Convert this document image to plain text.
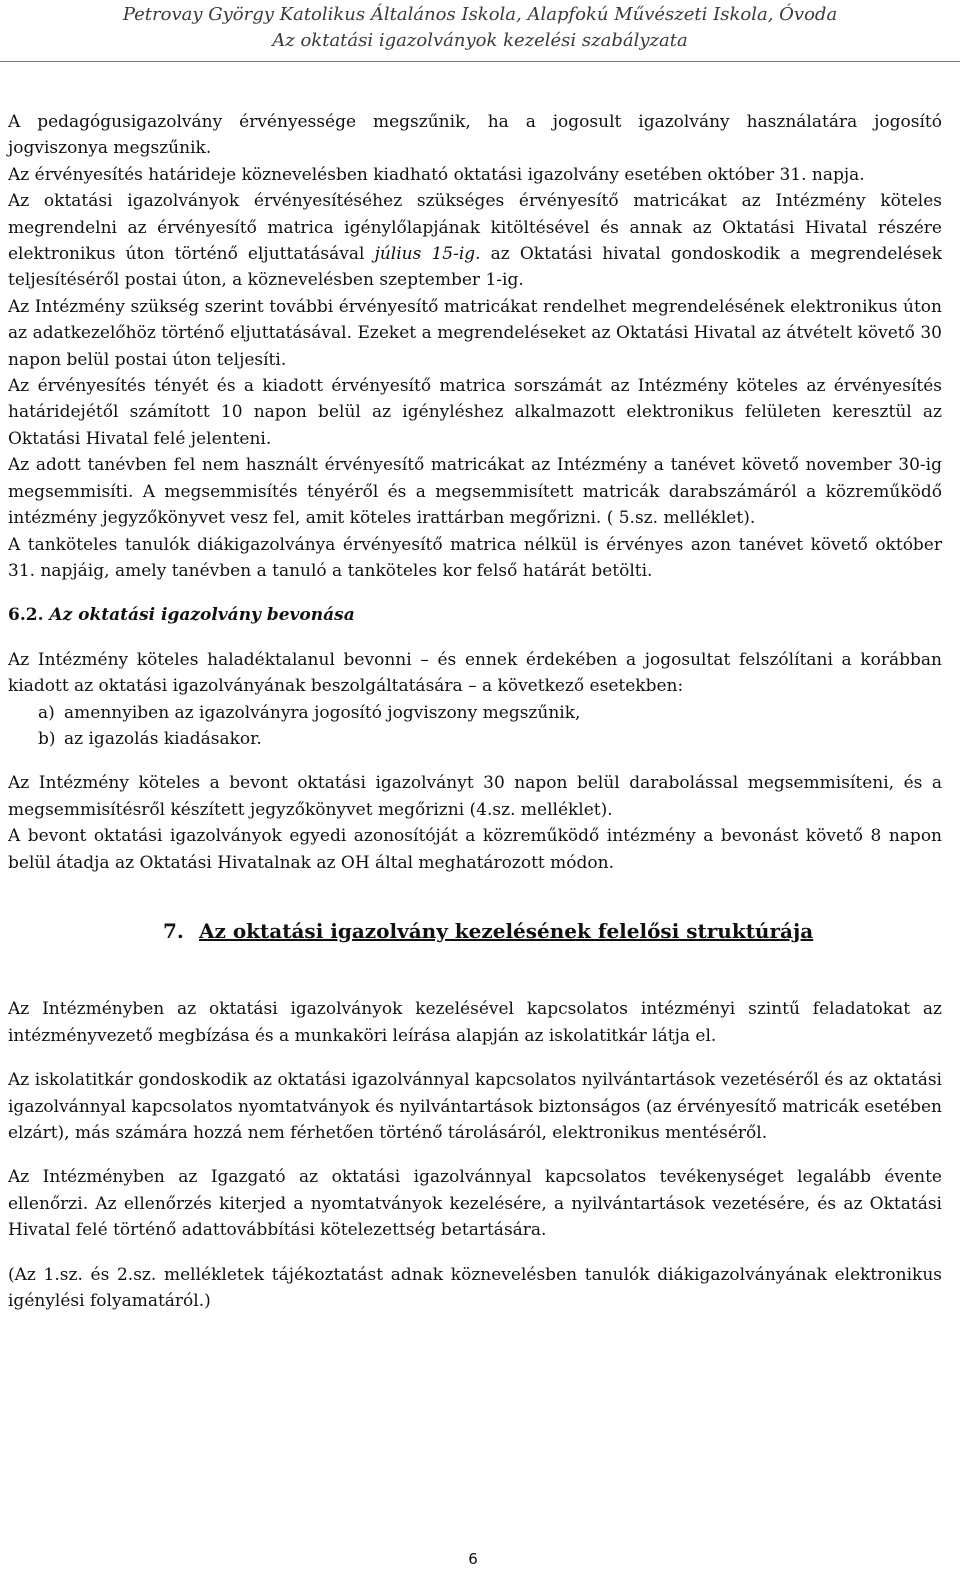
Petrovay György Katolikus Általános Iskola, Alapfokú Művészeti Iskola, Óvoda
Az oktatási igazolványok kezelési szabályzata

A pedagógusigazolvány érvényessége megszűnik, ha a jogosult igazolvány használatára jogosító jogviszonya megszűnik.

Az érvényesítés határideje köznevelésben kiadható oktatási igazolvány esetében október 31. napja.

Az oktatási igazolványok érvényesítéséhez szükséges érvényesítő matricákat az Intézmény köteles megrendelni az érvényesítő matrica igénylőlapjának kitöltésével és annak az Oktatási Hivatal részére elektronikus úton történő eljuttatásával július 15-ig. az Oktatási hivatal gondoskodik a megrendelések teljesítéséről postai úton, a köznevelésben szeptember 1-ig.

Az Intézmény szükség szerint további érvényesítő matricákat rendelhet megrendelésének elektronikus úton az adatkezelőhöz történő eljuttatásával. Ezeket a megrendeléseket az Oktatási Hivatal az átvételt követő 30 napon belül postai úton teljesíti.

Az érvényesítés tényét és a kiadott érvényesítő matrica sorszámát az Intézmény köteles az érvényesítés határidejétől számított 10 napon belül az igényléshez alkalmazott elektronikus felületen keresztül az Oktatási Hivatal felé jelenteni.

Az adott tanévben fel nem használt érvényesítő matricákat az Intézmény a tanévet követő november 30-ig megsemmisíti. A megsemmisítés tényéről és a megsemmisített matricák darabszámáról a közreműködő intézmény jegyzőkönyvet vesz fel, amit köteles irattárban megőrizni. ( 5.sz. melléklet).

A tanköteles tanulók diákigazolványa érvényesítő matrica nélkül is érvényes azon tanévet követő október 31. napjáig, amely tanévben a tanuló a tanköteles kor felső határát betölti.

6.2. Az oktatási igazolvány bevonása

Az Intézmény köteles haladéktalanul bevonni – és ennek érdekében a jogosultat felszólítani a korábban kiadott az oktatási igazolványának beszolgáltatására – a következő esetekben:

a) amennyiben az igazolványra jogosító jogviszony megszűnik,
b) az igazolás kiadásakor.

Az Intézmény köteles a bevont oktatási igazolványt 30 napon belül darabolással megsemmisíteni, és a megsemmisítésről készített jegyzőkönyvet megőrizni (4.sz. melléklet).

A bevont oktatási igazolványok egyedi azonosítóját a közreműködő intézmény a bevonást követő 8 napon belül átadja az Oktatási Hivatalnak az OH által meghatározott módon.

7. Az oktatási igazolvány kezelésének felelősi struktúrája

Az Intézményben az oktatási igazolványok kezelésével kapcsolatos intézményi szintű feladatokat az intézményvezető megbízása és a munkaköri leírása alapján az iskolatitkár látja el.

Az iskolatitkár gondoskodik az oktatási igazolvánnyal kapcsolatos nyilvántartások vezetéséről és az oktatási igazolvánnyal kapcsolatos nyomtatványok és nyilvántartások biztonságos (az érvényesítő matricák esetében elzárt), más számára hozzá nem férhetően történő tárolásáról, elektronikus mentéséről.

Az Intézményben az Igazgató az oktatási igazolvánnyal kapcsolatos tevékenységet legalább évente ellenőrzi. Az ellenőrzés kiterjed a nyomtatványok kezelésére, a nyilvántartások vezetésére, és az Oktatási Hivatal felé történő adattovábbítási kötelezettség betartására.

(Az 1.sz. és 2.sz. mellékletek tájékoztatást adnak köznevelésben tanulók diákigazolványának elektronikus igénylési folyamatáról.)

6
